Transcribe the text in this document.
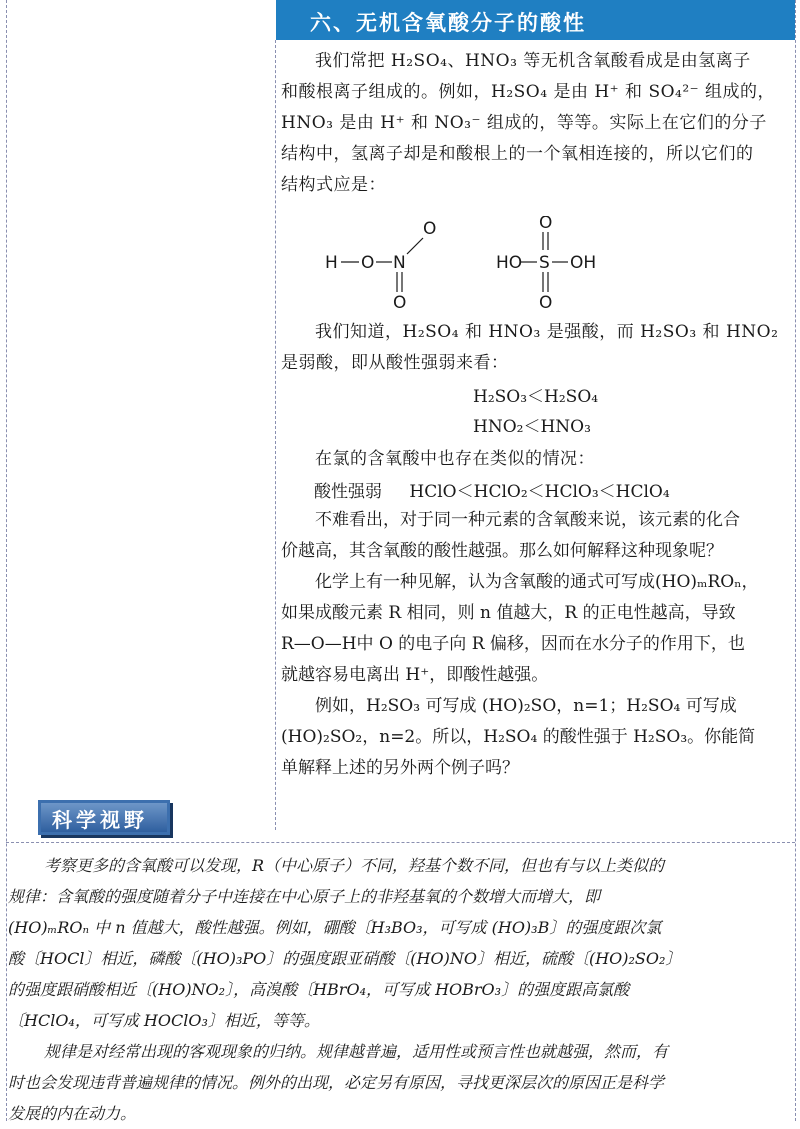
六、无机含氧酸分子的酸性

我们常把 H₂SO₄、HNO₃ 等无机含氧酸看成是由氢离子

和酸根离子组成的。例如，H₂SO₄ 是由 H⁺ 和 SO₄²⁻ 组成的，

HNO₃ 是由 H⁺ 和 NO₃⁻ 组成的，等等。实际上在它们的分子

结构中，氢离子却是和酸根上的一个氧相连接的，所以它们的

结构式应是：

H O N
O
O
HO S OH
O
O

我们知道，H₂SO₄ 和 HNO₃ 是强酸，而 H₂SO₃ 和 HNO₂

是弱酸，即从酸性强弱来看：

H₂SO₃＜H₂SO₄
HNO₂＜HNO₃

在氯的含氧酸中也存在类似的情况：

酸性强弱 HClO＜HClO₂＜HClO₃＜HClO₄

不难看出，对于同一种元素的含氧酸来说，该元素的化合

价越高，其含氧酸的酸性越强。那么如何解释这种现象呢？

化学上有一种见解，认为含氧酸的通式可写成(HO)ₘROₙ，

如果成酸元素 R 相同，则 n 值越大，R 的正电性越高，导致

R—O—H中 O 的电子向 R 偏移，因而在水分子的作用下，也

就越容易电离出 H⁺，即酸性越强。

例如，H₂SO₃ 可写成 (HO)₂SO，n=1；H₂SO₄ 可写成

(HO)₂SO₂，n=2。所以，H₂SO₄ 的酸性强于 H₂SO₃。你能简

单解释上述的另外两个例子吗？

科学视野

考察更多的含氧酸可以发现，R（中心原子）不同，羟基个数不同，但也有与以上类似的

规律：含氧酸的强度随着分子中连接在中心原子上的非羟基氧的个数增大而增大，即

(HO)ₘROₙ 中 n 值越大，酸性越强。例如，硼酸〔H₃BO₃，可写成 (HO)₃B〕的强度跟次氯

酸〔HOCl〕相近，磷酸〔(HO)₃PO〕的强度跟亚硝酸〔(HO)NO〕相近，硫酸〔(HO)₂SO₂〕

的强度跟硝酸相近〔(HO)NO₂〕，高溴酸〔HBrO₄，可写成 HOBrO₃〕的强度跟高氯酸

〔HClO₄，可写成 HOClO₃〕相近，等等。

规律是对经常出现的客观现象的归纳。规律越普遍，适用性或预言性也就越强，然而，有

时也会发现违背普遍规律的情况。例外的出现，必定另有原因，寻找更深层次的原因正是科学

发展的内在动力。
